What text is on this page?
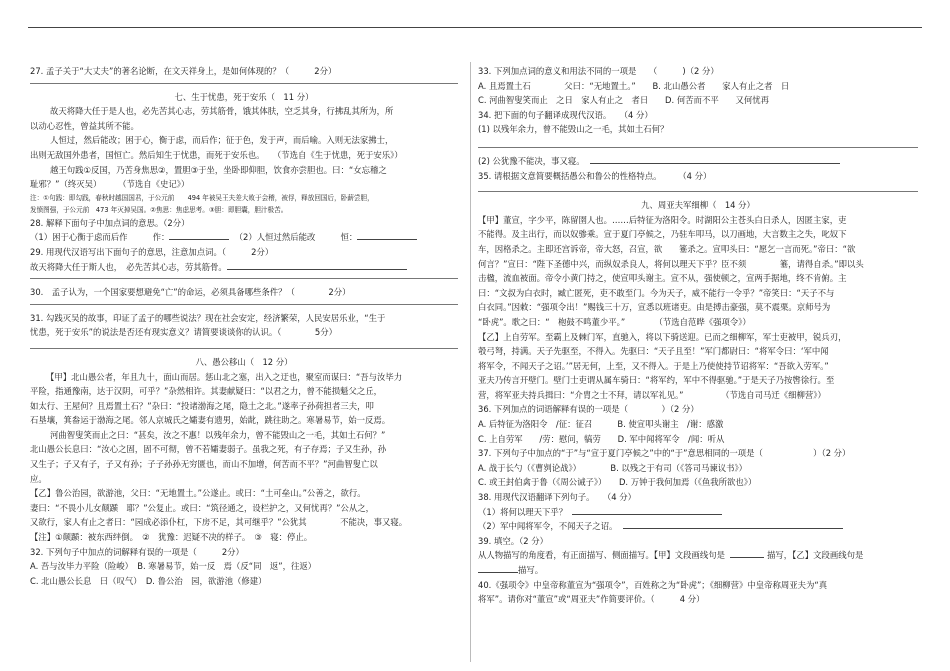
27. 孟子关于“大丈夫”的著名论断，在文天祥身上，是如何体现的？（　　　2分）

七、生于忧患，死于安乐（　11 分）

故天将降大任于是人也，必先苦其心志，劳其筋骨，饿其体肤，空乏其身，行拂乱其所为，所

以动心忍性，曾益其所不能。

人恒过，然后能改；困于心，衡于虑，而后作；征于色，发于声，而后喻。入则无法家拂士，

出则无敌国外患者，国恒亡。然后知生于忧患，而死于安乐也。　　（节选自《生于忧患，死于安乐》）

越王句践①反国，乃苦身焦思②，置胆③于坐，坐卧即仰胆，饮食亦尝胆也。曰：“女忘稽之

耻邪？”（终灭吴）　　　（节选自《史记》）

注：①句践：即勾践，春秋时越国国君，于公元前　　494 年被吴王夫差大败于会稽，被俘，释放回国后，卧薪尝胆，

发愤图强，于公元前　473 年灭掉吴国。②焦思：焦虑思考。③胆：即胆囊，胆汁极苦。

28. 解释下面句子中加点词的意思。（2分）

（1）困于心衡于虑而后作　　　作：	（2）人恒过然后能改　　　恒：

29. 用现代汉语写出下面句子的意思，注意加点词。（　　　2分）

故天将降大任于斯人也，　必先苦其心志，劳其筋骨。

30.　孟子认为，一个国家要想避免“亡”的命运，必须具备哪些条件？（　　　　2分）

31. 勾践灭吴的故事，印证了孟子的哪些说法？现在社会安定，经济繁荣，人民安居乐业，“生于

忧患，死于安乐”的说法是否还有现实意义？请简要谈谈你的认识。（　　　　5分）

八、愚公移山（　12 分）

【甲】北山愚公者，年且九十，面山而居。惩山北之塞，出入之迂也，聚室而谋曰：“吾与汝毕力

平险，指通豫南，达于汉阴，可乎？”杂然相许。其妻献疑曰：“以君之力，曾不能损魁父之丘，

如太行、王屋何？且焉置土石？”杂曰：“投诸渤海之尾，隐土之北。”遂率子孙荷担者三夫，叩

石垦壤，箕畚运于渤海之尾。邻人京城氏之孀妻有遗男，始龀，跳往助之。寒暑易节，始一反焉。

河曲智叟笑而止之曰：“甚矣，汝之不惠！以残年余力，曾不能毁山之一毛，其如土石何？”

北山愚公长息曰：“汝心之固，固不可彻，曾不若孀妻弱子。虽我之死，有子存焉；子又生孙，孙

又生子；子又有子，子又有孙；子子孙孙无穷匮也，而山不加增，何苦而不平？”河曲智叟亡以

应。

【乙】鲁公治园，欲游池，父曰：“无地置土。”公遂止。或曰：“土可垒山。”公善之，欲行。

妻曰：“不畏小儿女颠踬　耶？”公复止。或曰：“筑径通之，设栏护之，又何忧再？”公从之，

又欲行，家人有止之者曰：“园成必添仆杠，下房不足，其可继乎？”公犹其　　　　不能决，事又寝。

【注】①颠踬：被东西绊倒。　②　犹豫：迟疑不决的样子。　③　寝：停止。

32. 下列句子中加点的词解释有误的一项是（　　　2分）

A. 吾与汝毕力平险（险峻）　B. 寒暑易节，始一反　焉（反“同　返”，往返）

C. 北山愚公长息　曰（叹气）　D. 鲁公治　园，欲游池（修建）

33. 下列加点词的意义和用法不同的一项是　　（　　　)（2 分）

A. 且焉置土石　　　　父曰：“无地置土。”　　B. 北山愚公者　　家人有止之者　日

C. 河曲智叟笑而止　之日　家人有止之　者日　　D. 何苦而不平　　又何忧再

34. 把下面的句子翻译成现代汉语。　　（4 分）

(1) 以残年余力，曾不能毁山之一毛，其如土石何？

(2) 公犹豫不能决，事又寝。

35. 请根据文意简要概括愚公和鲁公的性格特点。　　　（4 分）

九、周亚夫军细柳（　14 分）

【甲】董宣，字少平，陈留圉人也。……后特征为洛阳令。时湖阳公主苍头白日杀人，因匿主家，吏

不能得。及主出行，而以奴骖乘。宣于夏门亭候之，乃驻车叩马，以刀画地，大言数主之失，叱奴下

车，因格杀之。主即还宫诉帝，帝大怒，召宣，欲　　箠杀之。宣叩头曰：“愿乞一言而死。”帝曰：“欲

何言？”宣曰：“陛下圣德中兴，而纵奴杀良人，将何以理天下乎？臣不须　　　　箠，请得自杀。”即以头

击楹，流血被面。帝令小黄门持之，使宣叩头谢主。宣不从，强使顿之，宣两手据地，终不肯俯。主

曰：“文叔为白衣时，臧亡匿死，吏不敢至门。今为天子，威不能行一令乎？”帝笑曰：“天子不与

白衣同。”因敕：“强项令出！”赐钱三十万，宣悉以班诸吏。由是搏击豪强，莫不震栗。京师号为

“卧虎”。歌之曰：“　枹鼓不鸣董少平。”　　　　（节选自范晔《强项令》）

【乙】上自劳军。至霸上及棘门军，直驰入，将以下骑送迎。已而之细柳军，军士吏被甲，锐兵刃，

彀弓弩，持满。天子先驱至，不得入。先驱曰：“天子且至！”军门都尉曰：“将军令曰：‘军中闻

将军令，不闻天子之诏。’”居无何，上至，又不得入。于是上乃使使持节诏将军：“吾欲入劳军。”

亚夫乃传言开壁门。壁门士吏谓从属车骑曰：“将军约，军中不得驱驰。”于是天子乃按辔徐行。至

营，将军亚夫持兵揖曰：“介胄之士不拜，请以军礼见。”　　　　　（节选自司马迁《细柳营》）

36. 下列加点的词语解释有误的一项是（　　　　）（2 分）

A. 后特征为洛阳令　/征：征召　　　B. 使宣叩头谢主　/谢：感激

C. 上自劳军　　/劳：慰问，犒劳　　D. 军中闻将军令　/闻：听从

37. 下列句子中加点的“于”与“宣于夏门亭候之”中的“于”意思相同的一项是（　　　　　　）（2 分）

A. 战于长勺（《曹刿论战》）　　　　B. 以残之于有司（《答司马谏议书》）

C. 或王封伯禽于鲁（《周公诫子》）　　D. 万钟于我何加焉（《鱼我所欲也》）

38. 用现代汉语翻译下列句子。　　（4 分）

（1）将何以理天下乎？

（2）军中闻将军令，不闻天子之诏。

39. 填空。（2 分）

从人物描写的角度看，有正面描写、侧面描写。【甲】文段画线句是	描写，【乙】文段画线句是

描写。

40.《强项令》中皇帝称董宣为“强项令”，百姓称之为“卧虎”；《细柳营》中皇帝称周亚夫为“真

将军”。请你对“董宣”或“周亚夫”作简要评价。（　　　4 分）
